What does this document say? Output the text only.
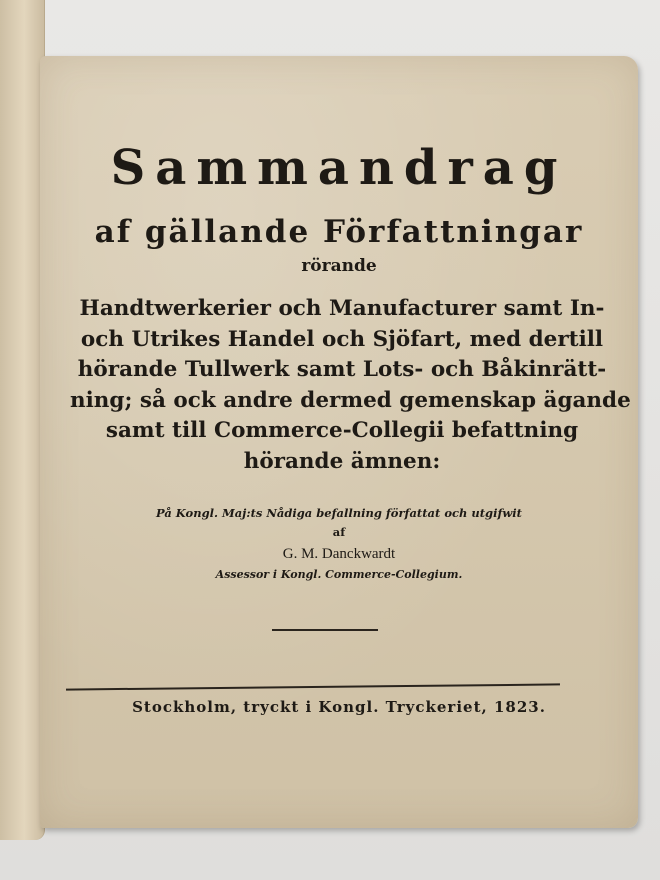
Sammandrag
af gällande Författningar
rörande
Handtwerkerier och Manufacturer samt In-
och Utrikes Handel och Sjöfart, med dertill
hörande Tullwerk samt Lots- och Båkinrätt-
ning; så ock andre dermed gemenskap ägande
samt till Commerce-Collegii befattning
hörande ämnen:
På Kongl. Maj:ts Nådiga befallning författat och utgifwit
af
G. M. Danckwardt
Assessor i Kongl. Commerce-Collegium.
Stockholm, tryckt i Kongl. Tryckeriet, 1823.
